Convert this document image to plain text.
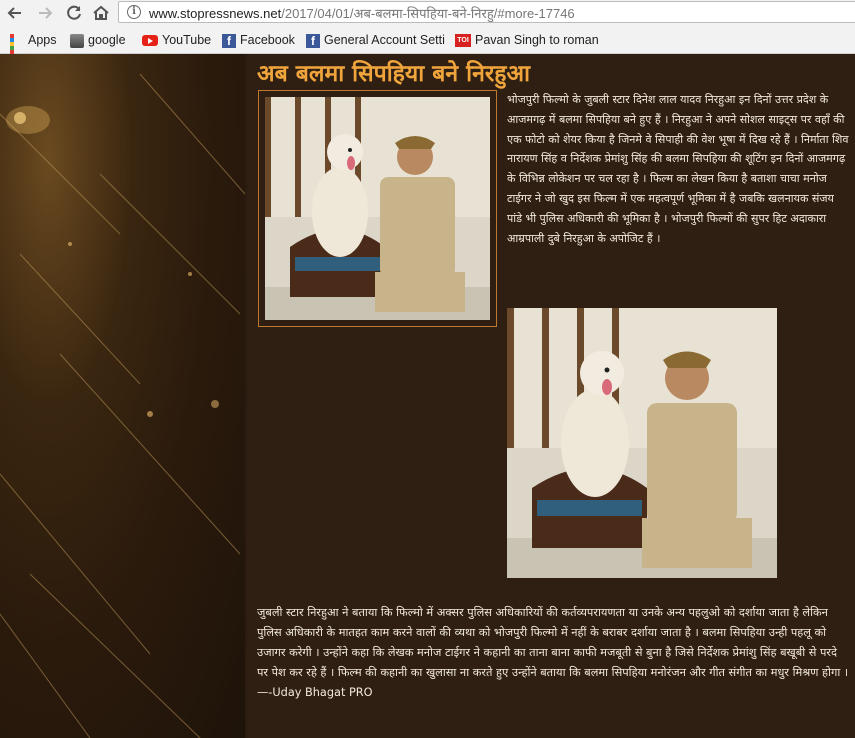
i	www.stopressnews.net/2017/04/01/अब-बलमा-सिपहिया-बने-निरहु/#more-17746
Apps	google	YouTube	f Facebook	f General Account Setti	TOI Pavan Singh to roman
अब बलमा सिपहिया बने निरहुआ

भोजपुरी फिल्मो के जुबली स्टार दिनेश लाल यादव निरहुआ इन दिनों उत्तर प्रदेश के आजमगढ़ में बलमा सिपहिया बने हुए हैं । निरहुआ ने अपने सोशल साइट्स पर वहाँ की एक फोटो को शेयर किया है जिनमे वे सिपाही की वेश भूषा में दिख रहे हैं । निर्माता शिव नारायण सिंह व निर्देशक प्रेमांशु सिंह की बलमा सिपहिया की शूटिंग इन दिनों आजमगढ़ के विभिन्न लोकेशन पर चल रहा है । फिल्म का लेखन किया है बताशा चाचा मनोज टाईगर ने जो खुद इस फिल्म में एक महत्वपूर्ण भूमिका में है जबकि खलनायक संजय पांडे भी पुलिस अधिकारी की भूमिका है । भोजपुरी फिल्मों की सुपर हिट अदाकारा आम्रपाली दुबे निरहुआ के अपोजिट हैं ।

जुबली स्टार निरहुआ ने बताया कि फिल्मो में अक्सर पुलिस अधिकारियों की कर्तव्यपरायणता या उनके अन्य पहलुओ को दर्शाया जाता है लेकिन पुलिस अधिकारी के मातहत काम करने वालों की व्यथा को भोजपुरी फिल्मो में नहीं के बराबर दर्शाया जाता है । बलमा सिपहिया उन्ही पहलू को उजागर करेगी । उन्होंने कहा कि लेखक मनोज टाईगर ने कहानी का ताना बाना काफी मजबूती से बुना है जिसे निर्देशक प्रेमांशु सिंह बखूबी से परदे पर पेश कर रहे हैं । फिल्म की कहानी का खुलासा ना करते हुए उन्होंने बताया कि बलमा सिपहिया मनोरंजन और गीत संगीत का मधुर मिश्रण होगा । —-Uday Bhagat PRO
